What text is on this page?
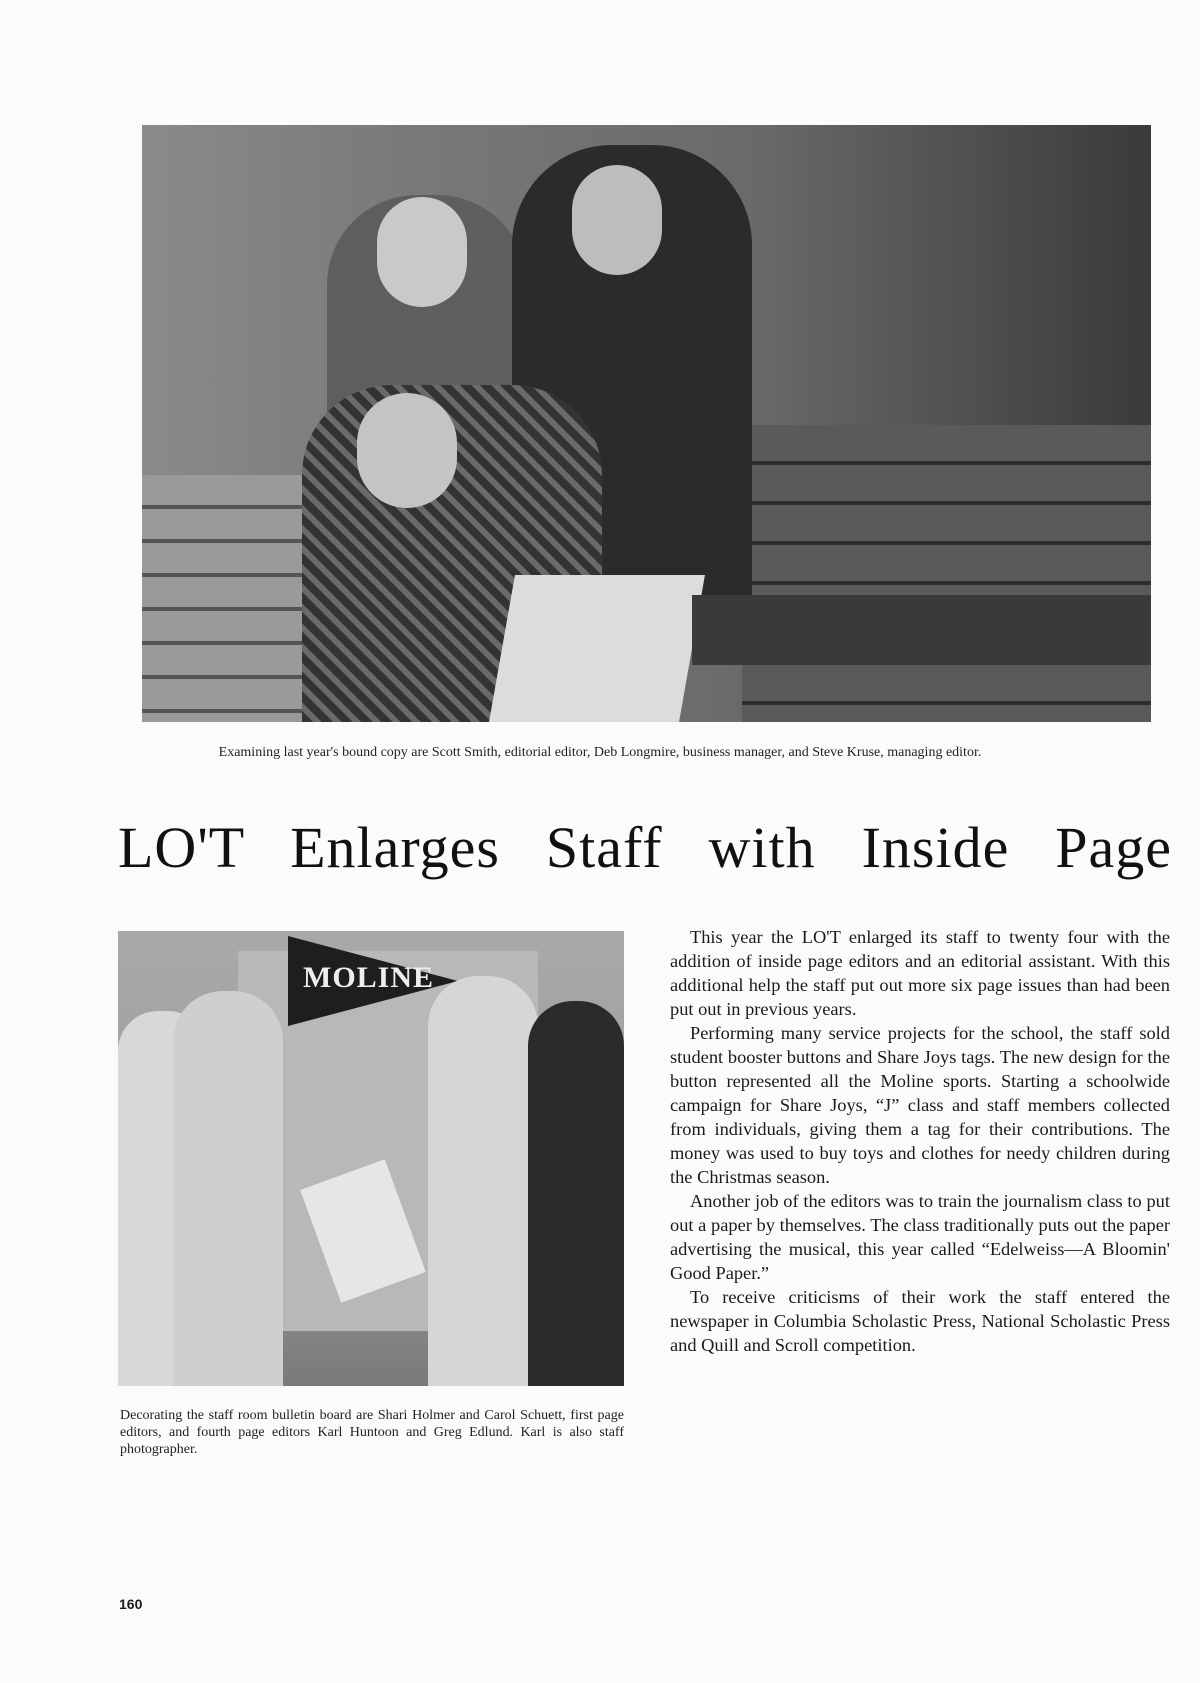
Examining last year's bound copy are Scott Smith, editorial editor, Deb Longmire, business manager, and Steve Kruse, managing editor.
LO'T Enlarges Staff with Inside Page
MOLINE
Decorating the staff room bulletin board are Shari Holmer and Carol Schuett, first page editors, and fourth page editors Karl Huntoon and Greg Edlund. Karl is also staff photographer.

This year the LO'T enlarged its staff to twenty four with the addition of inside page editors and an editorial assistant. With this additional help the staff put out more six page issues than had been put out in previous years.

Performing many service projects for the school, the staff sold student booster buttons and Share Joys tags. The new design for the button represented all the Moline sports. Starting a schoolwide campaign for Share Joys, “J” class and staff members collected from individuals, giving them a tag for their contributions. The money was used to buy toys and clothes for needy children during the Christmas season.

Another job of the editors was to train the journalism class to put out a paper by themselves. The class traditionally puts out the paper advertising the musical, this year called “Edelweiss—A Bloomin' Good Paper.”

To receive criticisms of their work the staff entered the newspaper in Columbia Scholastic Press, National Scholastic Press and Quill and Scroll competition.

160
